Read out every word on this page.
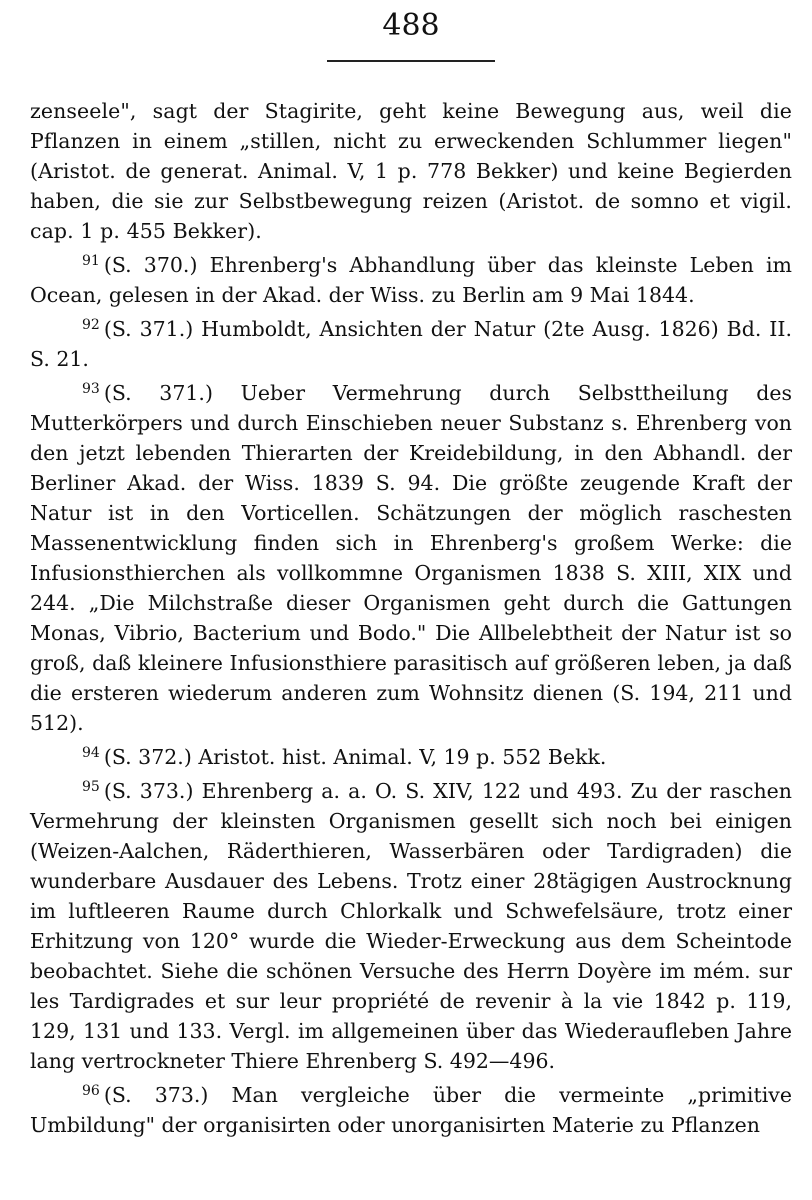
488

zenseele", sagt der Stagirite, geht keine Bewegung aus, weil die Pflanzen in einem „stillen, nicht zu erweckenden Schlummer liegen" (Aristot. de generat. Animal. V, 1 p. 778 Bekker) und keine Begierden haben, die sie zur Selbstbewegung reizen (Aristot. de somno et vigil. cap. 1 p. 455 Bekker).

$^{91}$ (S. 370.) Ehrenberg's Abhandlung über das kleinste Leben im Ocean, gelesen in der Akad. der Wiss. zu Berlin am 9 Mai 1844.

$^{92}$ (S. 371.) Humboldt, Ansichten der Natur (2te Ausg. 1826) Bd. II. S. 21.

$^{93}$ (S. 371.) Ueber Vermehrung durch Selbsttheilung des Mutterkörpers und durch Einschieben neuer Substanz s. Ehrenberg von den jetzt lebenden Thierarten der Kreidebildung, in den Abhandl. der Berliner Akad. der Wiss. 1839 S. 94. Die größte zeugende Kraft der Natur ist in den Vorticellen. Schätzungen der möglich raschesten Massenentwicklung finden sich in Ehrenberg's großem Werke: die Infusionsthierchen als vollkommne Organismen 1838 S. XIII, XIX und 244. „Die Milchstraße dieser Organismen geht durch die Gattungen Monas, Vibrio, Bacterium und Bodo." Die Allbelebtheit der Natur ist so groß, daß kleinere Infusionsthiere parasitisch auf größeren leben, ja daß die ersteren wiederum anderen zum Wohnsitz dienen (S. 194, 211 und 512).

$^{94}$ (S. 372.) Aristot. hist. Animal. V, 19 p. 552 Bekk.

$^{95}$ (S. 373.) Ehrenberg a. a. O. S. XIV, 122 und 493. Zu der raschen Vermehrung der kleinsten Organismen gesellt sich noch bei einigen (Weizen-Aalchen, Räderthieren, Wasserbären oder Tardigraden) die wunderbare Ausdauer des Lebens. Trotz einer 28tägigen Austrocknung im luftleeren Raume durch Chlorkalk und Schwefelsäure, trotz einer Erhitzung von 120° wurde die Wieder-Erweckung aus dem Scheintode beobachtet. Siehe die schönen Versuche des Herrn Doyère im mém. sur les Tardigrades et sur leur propriété de revenir à la vie 1842 p. 119, 129, 131 und 133. Vergl. im allgemeinen über das Wiederaufleben Jahre lang vertrockneter Thiere Ehrenberg S. 492—496.

$^{96}$ (S. 373.) Man vergleiche über die vermeinte „primitive Umbildung" der organisirten oder unorganisirten Materie zu Pflanzen
